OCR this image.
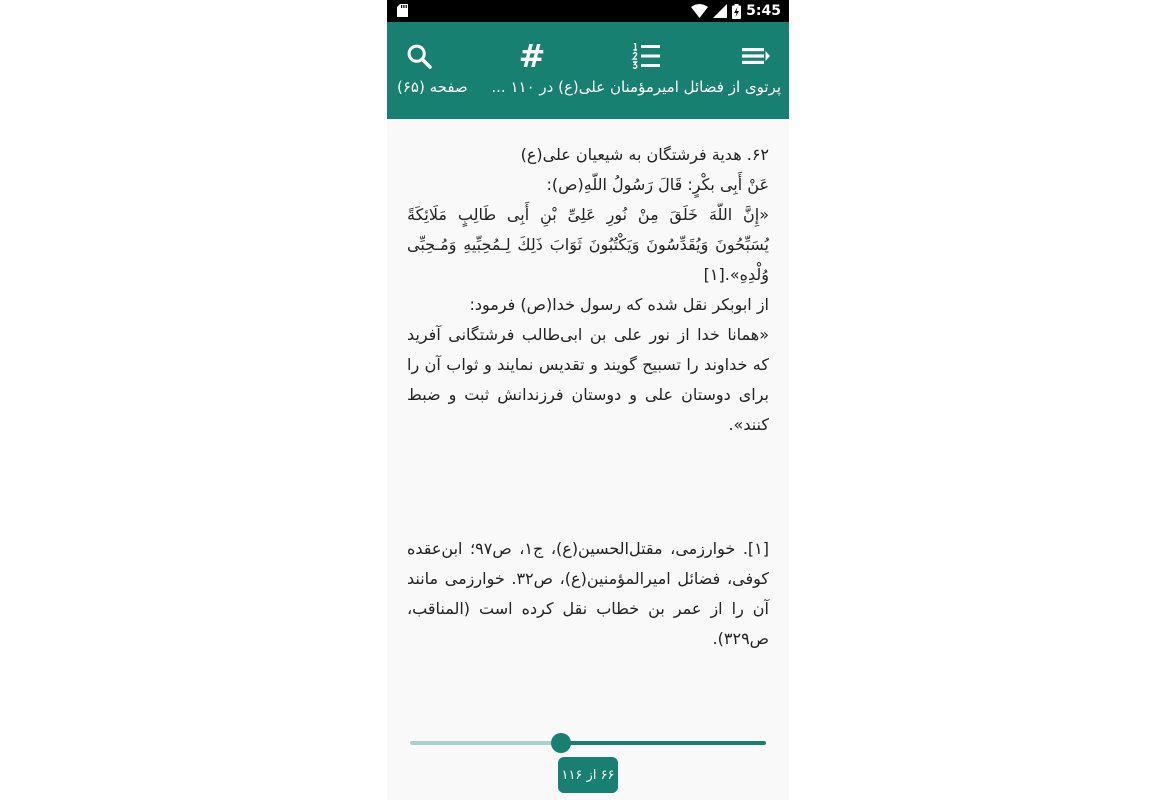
5:45
#
پرتوی از فضائل امیرمؤمنان علی(ع) در ۱۱۰ ...
صفحه (۶۵)
۶۲. هدیة فرشتگان به شیعیان علی(ع)
عَنْ أَبِی بكْرٍ: قَالَ رَسُولُ اللّهِ(ص):
«إِنَّ اللّهَ خَلَقَ مِنْ نُورِ عَلِیِّ بْنِ أَبِی طَالِبٍ مَلَائِكَةً یُسَبِّحُونَ وَیُقَدِّسُونَ وَیَكْتُبُونَ ثَوَابَ ذَلِكَ لِـمُحِبِّیهِ وَمُـحِبِّی وُلْدِهِ».[۱]
از ابوبکر نقل شده که رسول خدا(ص) فرمود:
«همانا خدا از نور علی بن ابی‌طالب فرشتگانی آفرید که خداوند را تسبیح گویند و تقدیس نمایند و ثواب آن را برای دوستان علی و دوستان فرزندانش ثبت و ضبط کنند».
[۱]. خوارزمی، مقتل‌الحسین(ع)، ج۱، ص۹۷؛ ابن‌عقده کوفی، فضائل امیرالمؤمنین(ع)، ص۳۲. خوارزمی مانند آن را از عمر بن خطاب نقل کرده است (المناقب، ص۳۲۹).
۶۶ از ۱۱۶
